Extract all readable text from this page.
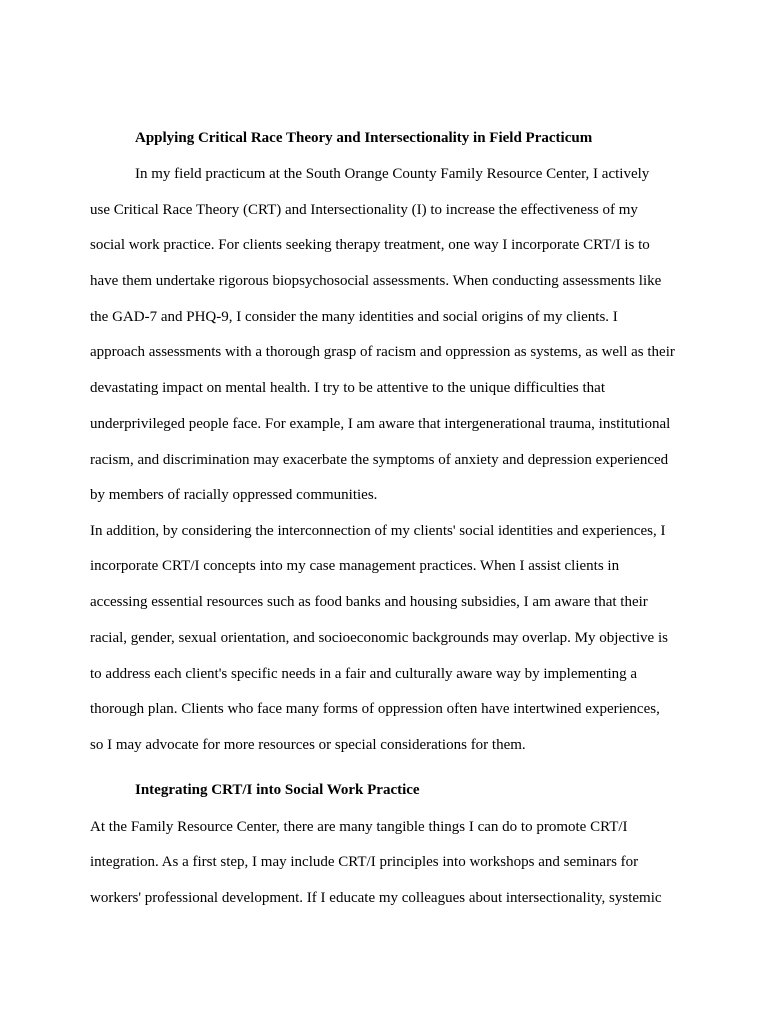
Applying Critical Race Theory and Intersectionality in Field Practicum
In my field practicum at the South Orange County Family Resource Center, I actively
use Critical Race Theory (CRT) and Intersectionality (I) to increase the effectiveness of my
social work practice. For clients seeking therapy treatment, one way I incorporate CRT/I is to
have them undertake rigorous biopsychosocial assessments. When conducting assessments like
the GAD-7 and PHQ-9, I consider the many identities and social origins of my clients. I
approach assessments with a thorough grasp of racism and oppression as systems, as well as their
devastating impact on mental health. I try to be attentive to the unique difficulties that
underprivileged people face. For example, I am aware that intergenerational trauma, institutional
racism, and discrimination may exacerbate the symptoms of anxiety and depression experienced
by members of racially oppressed communities.
In addition, by considering the interconnection of my clients' social identities and experiences, I
incorporate CRT/I concepts into my case management practices. When I assist clients in
accessing essential resources such as food banks and housing subsidies, I am aware that their
racial, gender, sexual orientation, and socioeconomic backgrounds may overlap. My objective is
to address each client's specific needs in a fair and culturally aware way by implementing a
thorough plan. Clients who face many forms of oppression often have intertwined experiences,
so I may advocate for more resources or special considerations for them.
Integrating CRT/I into Social Work Practice
At the Family Resource Center, there are many tangible things I can do to promote CRT/I
integration. As a first step, I may include CRT/I principles into workshops and seminars for
workers' professional development. If I educate my colleagues about intersectionality, systemic
